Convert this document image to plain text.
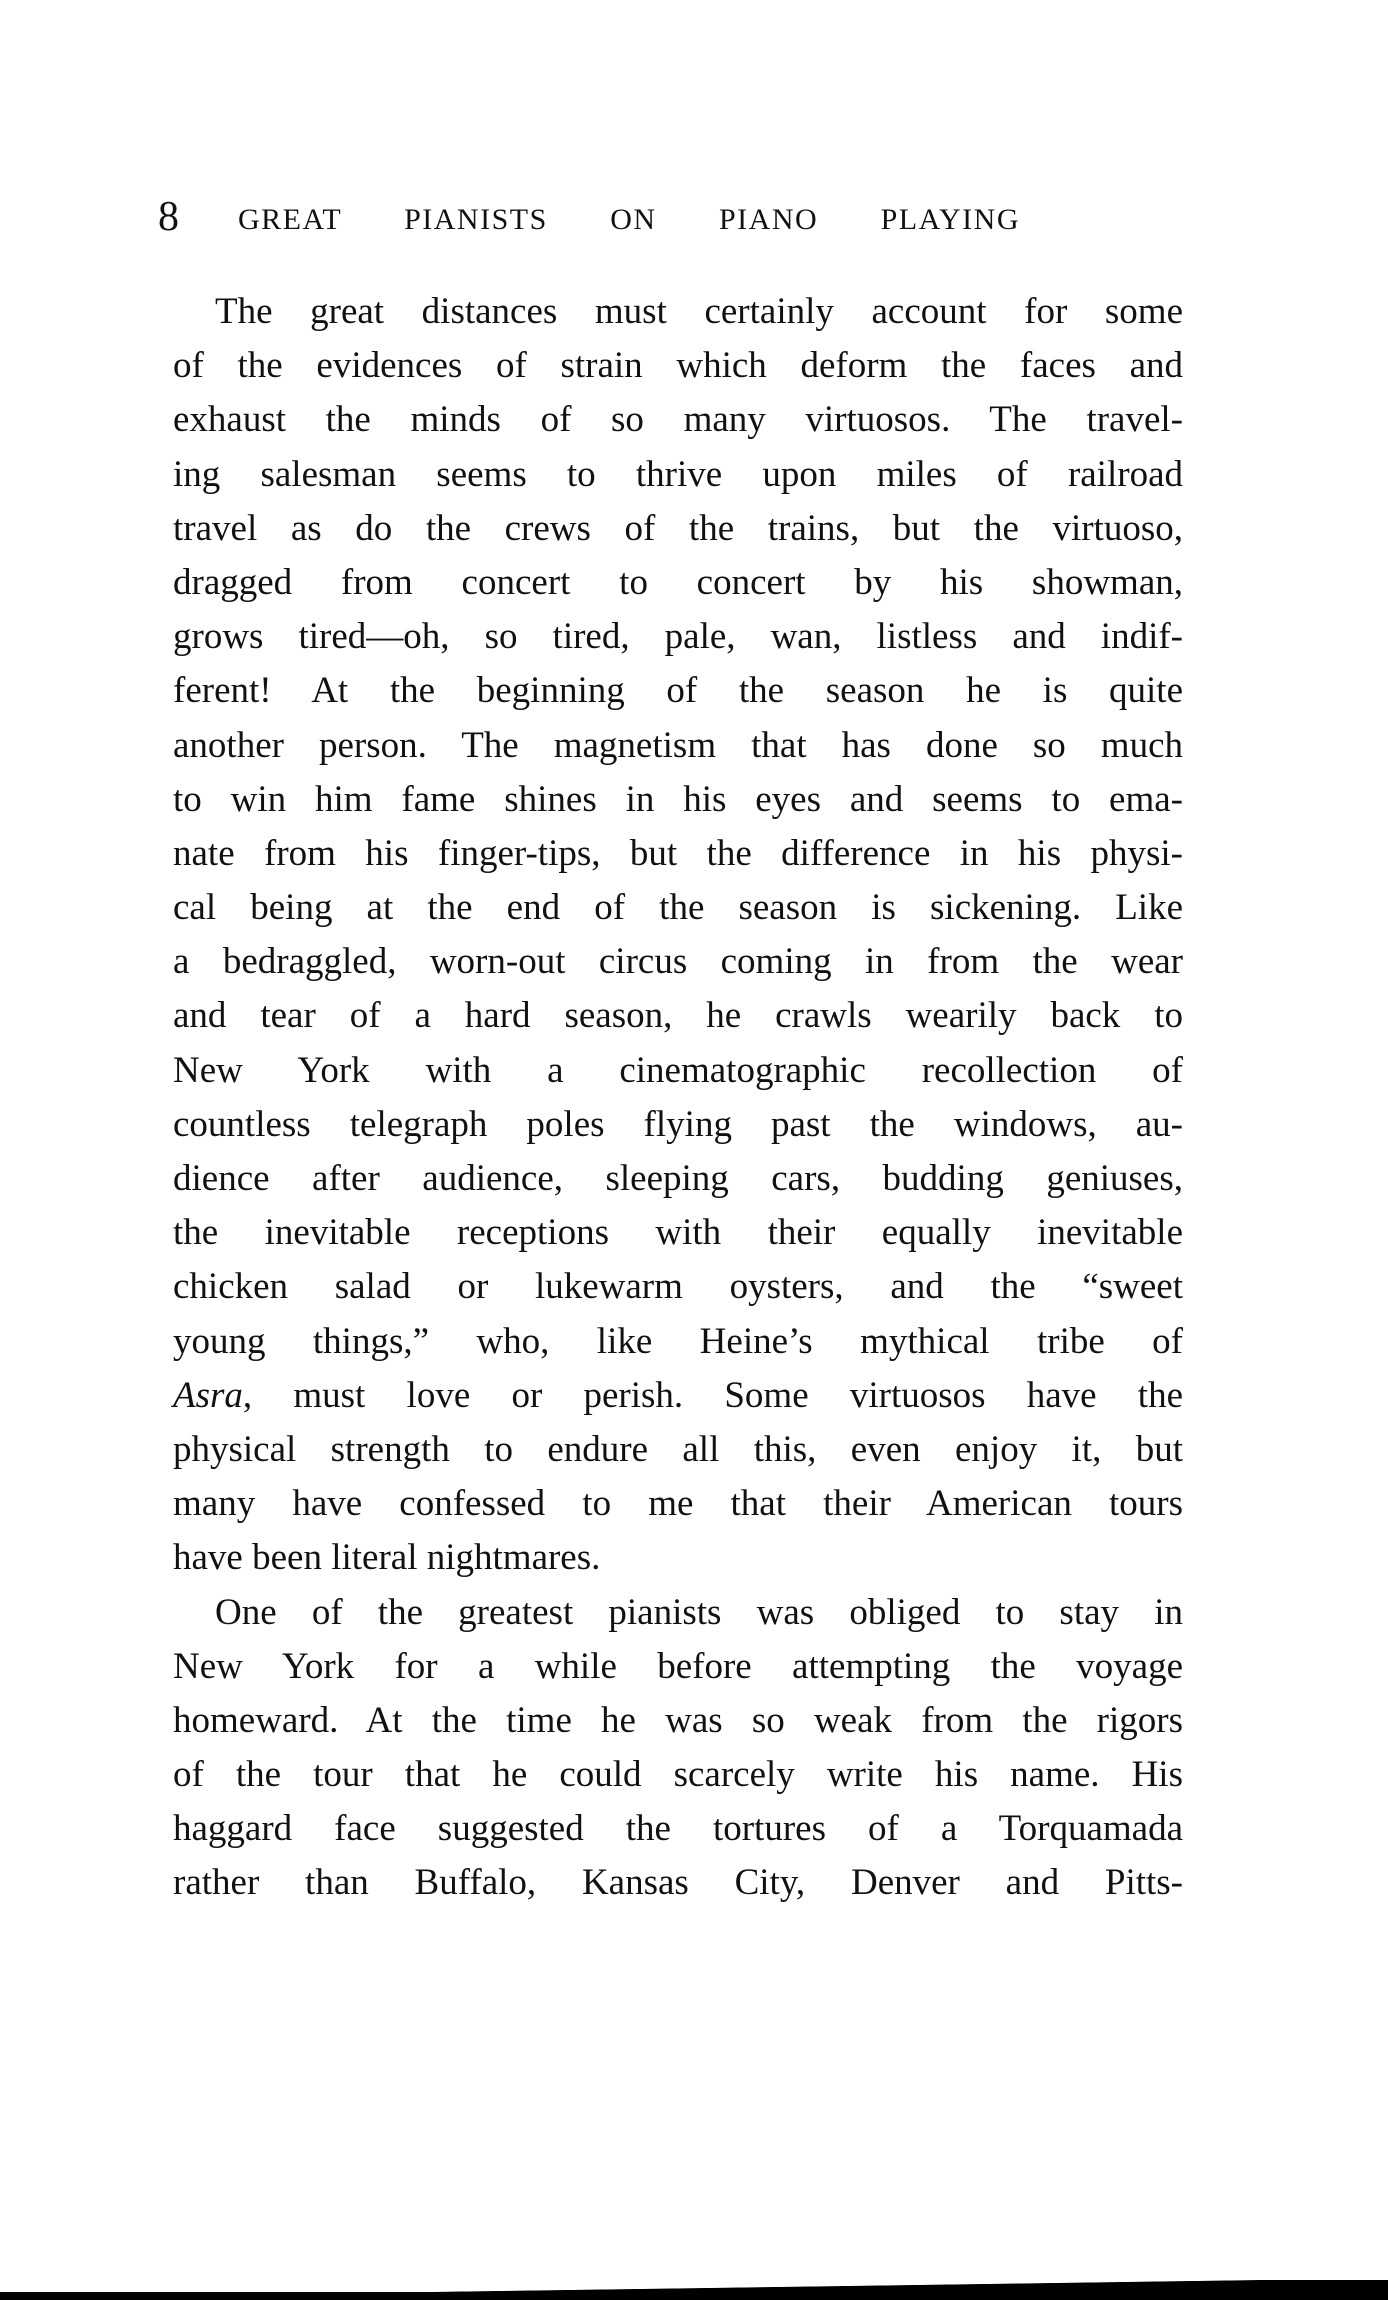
8 GREAT PIANISTS ON PIANO PLAYING
The great distances must certainly account for some
of the evidences of strain which deform the faces and
exhaust the minds of so many virtuosos. The travel-
ing salesman seems to thrive upon miles of railroad
travel as do the crews of the trains, but the virtuoso,
dragged from concert to concert by his showman,
grows tired—oh, so tired, pale, wan, listless and indif-
ferent! At the beginning of the season he is quite
another person. The magnetism that has done so much
to win him fame shines in his eyes and seems to ema-
nate from his finger-tips, but the difference in his physi-
cal being at the end of the season is sickening. Like
a bedraggled, worn-out circus coming in from the wear
and tear of a hard season, he crawls wearily back to
New York with a cinematographic recollection of
countless telegraph poles flying past the windows, au-
dience after audience, sleeping cars, budding geniuses,
the inevitable receptions with their equally inevitable
chicken salad or lukewarm oysters, and the “sweet
young things,” who, like Heine’s mythical tribe of
Asra, must love or perish. Some virtuosos have the
physical strength to endure all this, even enjoy it, but
many have confessed to me that their American tours
have been literal nightmares.
One of the greatest pianists was obliged to stay in
New York for a while before attempting the voyage
homeward. At the time he was so weak from the rigors
of the tour that he could scarcely write his name. His
haggard face suggested the tortures of a Torquamada
rather than Buffalo, Kansas City, Denver and Pitts-
